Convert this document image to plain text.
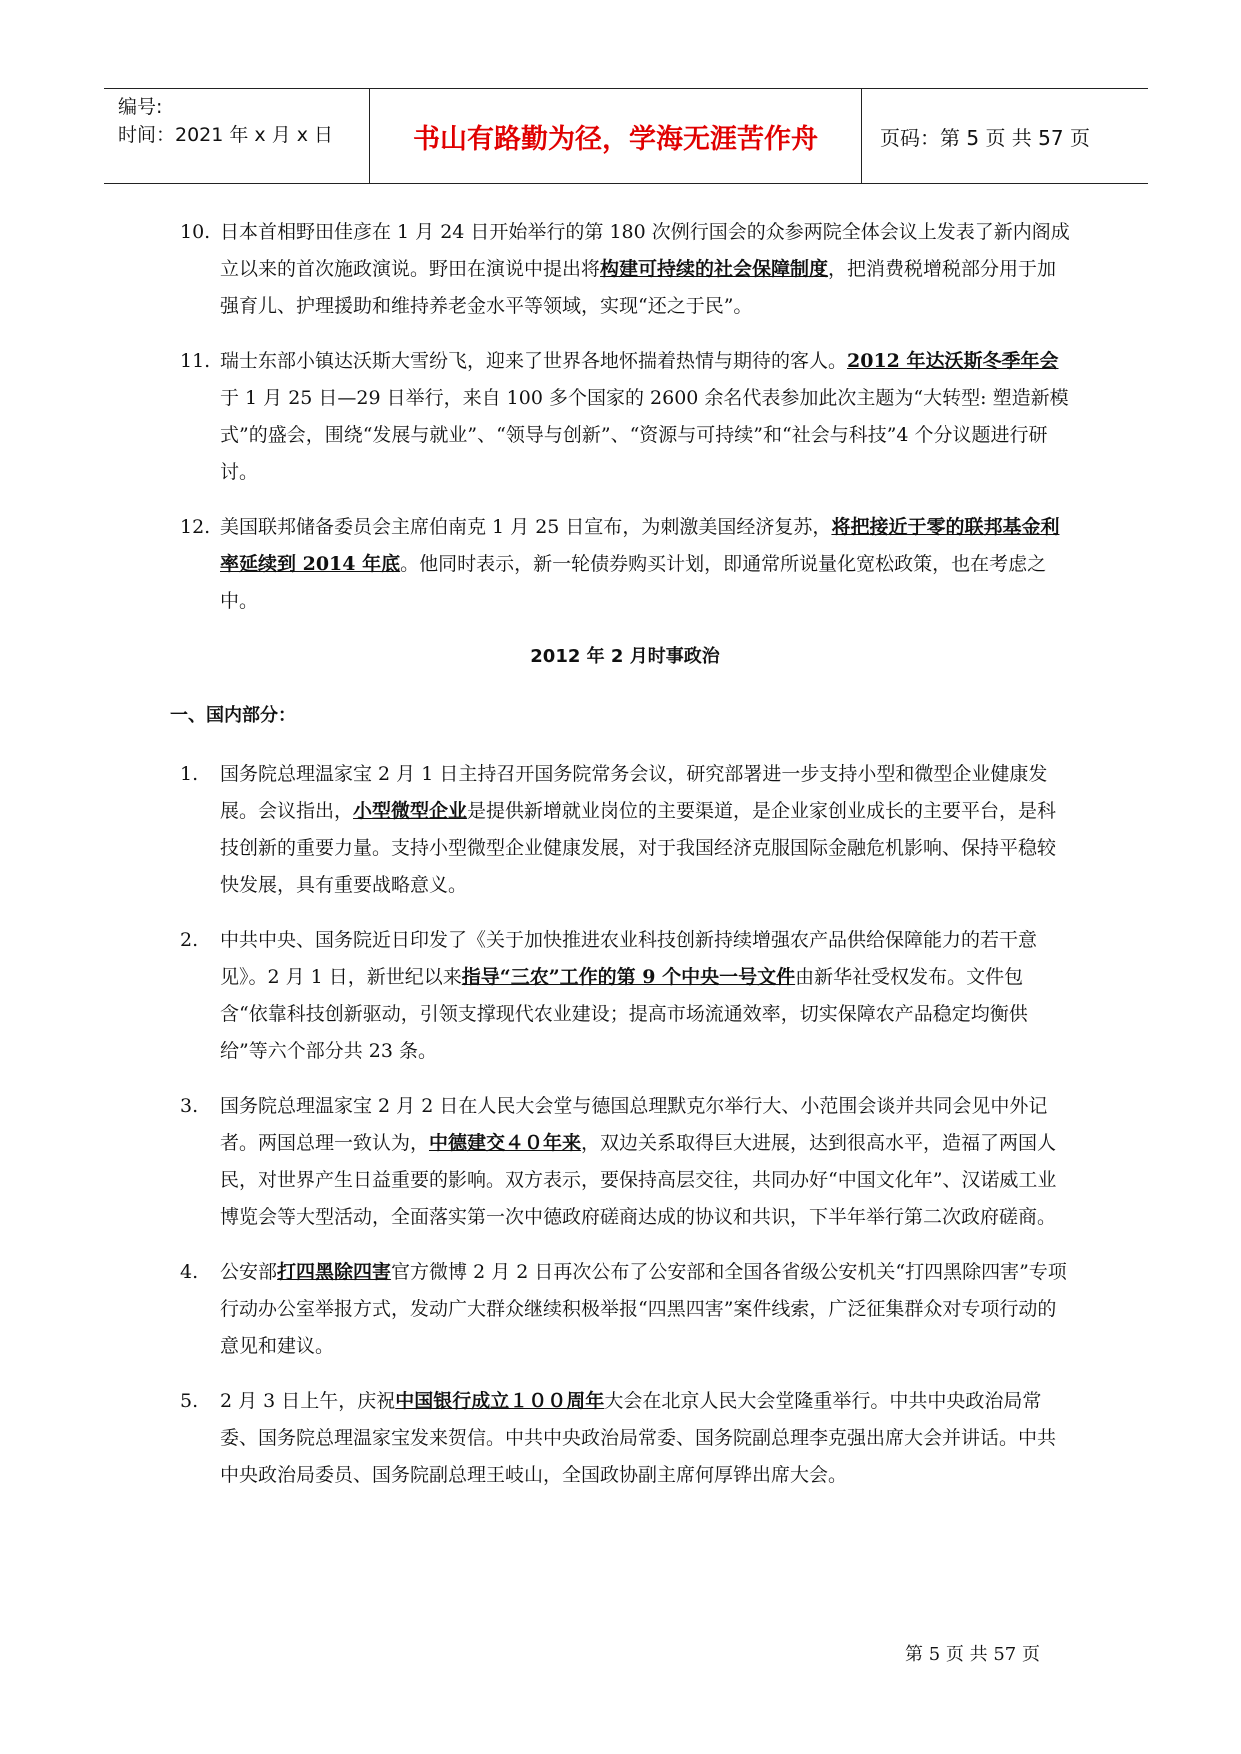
编号:
时间：2021 年 x 月 x 日	书山有路勤为径，学海无涯苦作舟	页码：第 5 页 共 57 页
10. 日本首相野田佳彦在 1 月 24 日开始举行的第 180 次例行国会的众参两院全体会议上发表了新内阁成立以来的首次施政演说。野田在演说中提出将构建可持续的社会保障制度，把消费税增税部分用于加强育儿、护理援助和维持养老金水平等领域，实现“还之于民”。
11. 瑞士东部小镇达沃斯大雪纷飞，迎来了世界各地怀揣着热情与期待的客人。2012 年达沃斯冬季年会于 1 月 25 日—29 日举行，来自 100 多个国家的 2600 余名代表参加此次主题为“大转型: 塑造新模式”的盛会，围绕“发展与就业”、“领导与创新”、“资源与可持续”和“社会与科技”4 个分议题进行研讨。
12. 美国联邦储备委员会主席伯南克 1 月 25 日宣布，为刺激美国经济复苏，将把接近于零的联邦基金利率延续到 2014 年底。他同时表示，新一轮债券购买计划，即通常所说量化宽松政策，也在考虑之中。
2012 年 2 月时事政治
一、国内部分：
1. 国务院总理温家宝 2 月 1 日主持召开国务院常务会议，研究部署进一步支持小型和微型企业健康发展。会议指出，小型微型企业是提供新增就业岗位的主要渠道，是企业家创业成长的主要平台，是科技创新的重要力量。支持小型微型企业健康发展，对于我国经济克服国际金融危机影响、保持平稳较快发展，具有重要战略意义。
2. 中共中央、国务院近日印发了《关于加快推进农业科技创新持续增强农产品供给保障能力的若干意见》。2 月 1 日，新世纪以来指导“三农”工作的第 9 个中央一号文件由新华社受权发布。文件包含“依靠科技创新驱动，引领支撑现代农业建设；提高市场流通效率，切实保障农产品稳定均衡供给”等六个部分共 23 条。
3. 国务院总理温家宝 2 月 2 日在人民大会堂与德国总理默克尔举行大、小范围会谈并共同会见中外记者。两国总理一致认为，中德建交４０年来，双边关系取得巨大进展，达到很高水平，造福了两国人民，对世界产生日益重要的影响。双方表示，要保持高层交往，共同办好“中国文化年”、汉诺威工业博览会等大型活动，全面落实第一次中德政府磋商达成的协议和共识，下半年举行第二次政府磋商。
4. 公安部打四黑除四害官方微博 2 月 2 日再次公布了公安部和全国各省级公安机关“打四黑除四害”专项行动办公室举报方式，发动广大群众继续积极举报“四黑四害”案件线索，广泛征集群众对专项行动的意见和建议。
5. 2 月 3 日上午，庆祝中国银行成立１００周年大会在北京人民大会堂隆重举行。中共中央政治局常委、国务院总理温家宝发来贺信。中共中央政治局常委、国务院副总理李克强出席大会并讲话。中共中央政治局委员、国务院副总理王岐山，全国政协副主席何厚铧出席大会。
第 5 页 共 57 页
